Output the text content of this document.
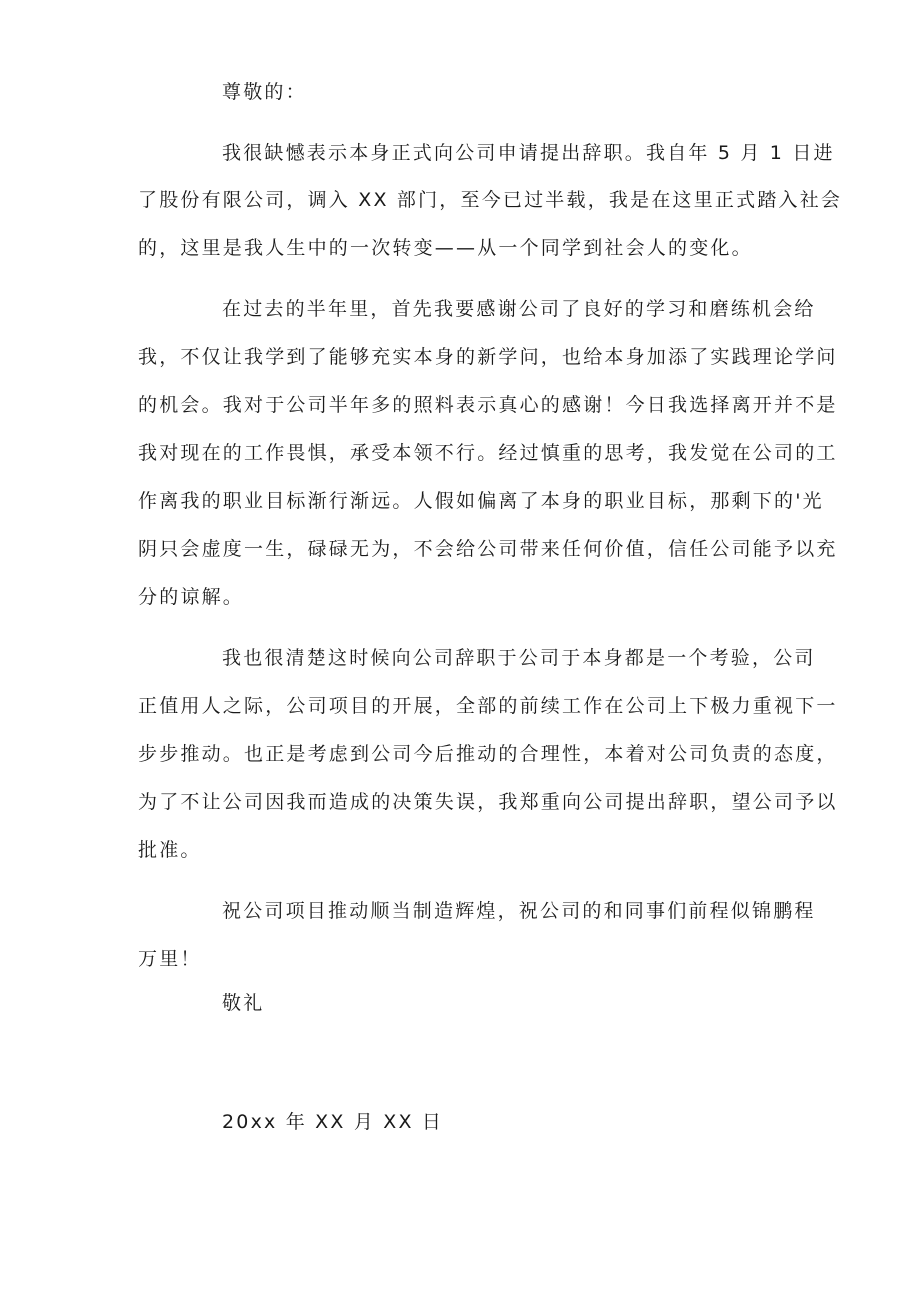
尊敬的：
我很缺憾表示本身正式向公司申请提出辞职。我自年 5 月 1 日进
了股份有限公司，调入 XX 部门，至今已过半载，我是在这里正式踏入社会
的，这里是我人生中的一次转变——从一个同学到社会人的变化。
在过去的半年里，首先我要感谢公司了良好的学习和磨练机会给
我，不仅让我学到了能够充实本身的新学问，也给本身加添了实践理论学问
的机会。我对于公司半年多的照料表示真心的感谢！今日我选择离开并不是
我对现在的工作畏惧，承受本领不行。经过慎重的思考，我发觉在公司的工
作离我的职业目标渐行渐远。人假如偏离了本身的职业目标，那剩下的'光
阴只会虚度一生，碌碌无为，不会给公司带来任何价值，信任公司能予以充
分的谅解。
我也很清楚这时候向公司辞职于公司于本身都是一个考验，公司
正值用人之际，公司项目的开展，全部的前续工作在公司上下极力重视下一
步步推动。也正是考虑到公司今后推动的合理性，本着对公司负责的态度，
为了不让公司因我而造成的决策失误，我郑重向公司提出辞职，望公司予以
批准。
祝公司项目推动顺当制造辉煌，祝公司的和同事们前程似锦鹏程
万里！
敬礼
20xx 年 XX 月 XX 日
